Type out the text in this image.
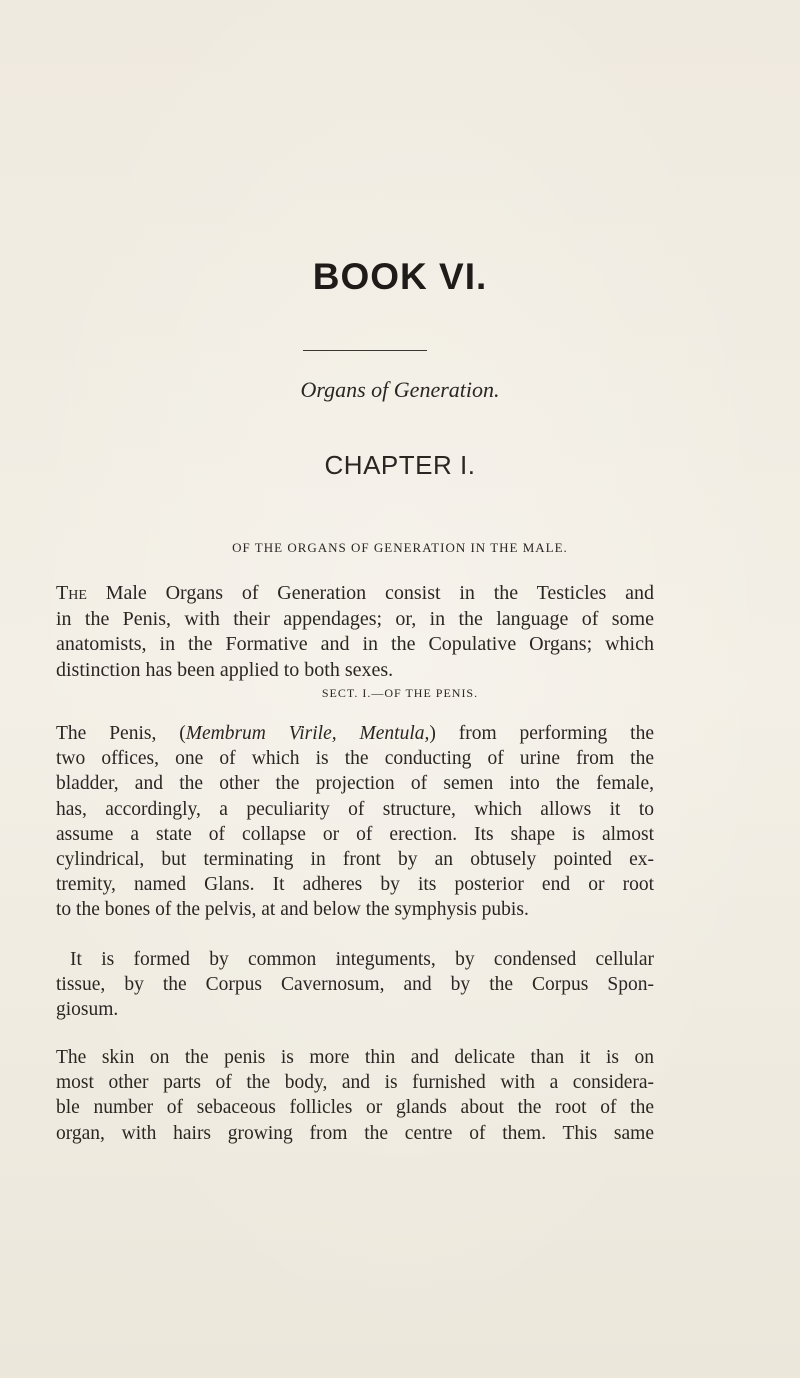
BOOK VI.
Organs of Generation.
CHAPTER I.
OF THE ORGANS OF GENERATION IN THE MALE.
The Male Organs of Generation consist in the Testicles and
in the Penis, with their appendages; or, in the language of some
anatomists, in the Formative and in the Copulative Organs; which
distinction has been applied to both sexes.
SECT. I.—OF THE PENIS.
The Penis, (Membrum Virile, Mentula,) from performing the
two offices, one of which is the conducting of urine from the
bladder, and the other the projection of semen into the female,
has, accordingly, a peculiarity of structure, which allows it to
assume a state of collapse or of erection. Its shape is almost
cylindrical, but terminating in front by an obtusely pointed ex-
tremity, named Glans. It adheres by its posterior end or root
to the bones of the pelvis, at and below the symphysis pubis.
It is formed by common integuments, by condensed cellular
tissue, by the Corpus Cavernosum, and by the Corpus Spon-
giosum.
The skin on the penis is more thin and delicate than it is on
most other parts of the body, and is furnished with a considera-
ble number of sebaceous follicles or glands about the root of the
organ, with hairs growing from the centre of them. This same
